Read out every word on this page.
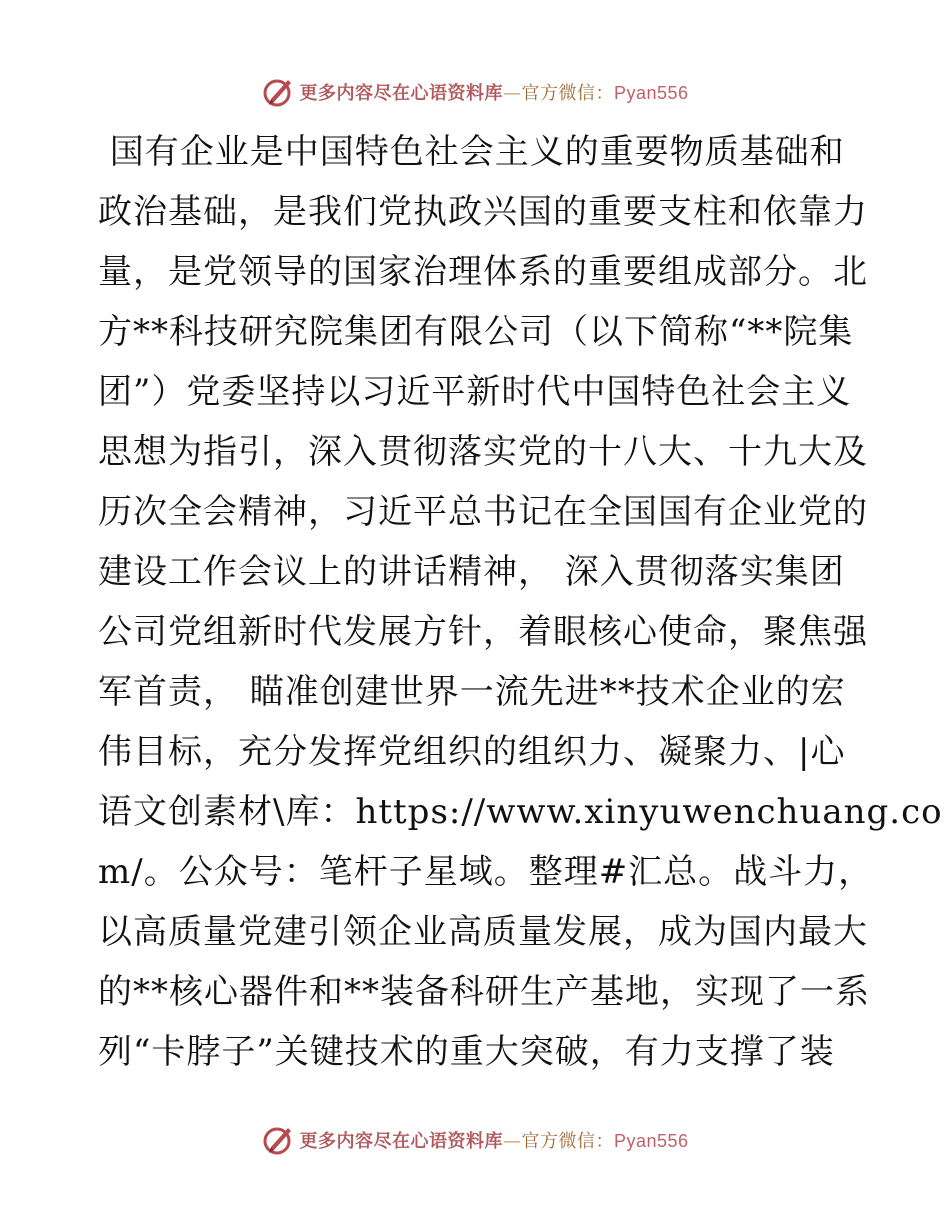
更多内容尽在心语资料库—官方微信：Pyan556
国有企业是中国特色社会主义的重要物质基础和
政治基础，是我们党执政兴国的重要支柱和依靠力
量，是党领导的国家治理体系的重要组成部分。北
方**科技研究院集团有限公司（以下简称“**院集
团”）党委坚持以习近平新时代中国特色社会主义
思想为指引，深入贯彻落实党的十八大、十九大及
历次全会精神，习近平总书记在全国国有企业党的
建设工作会议上的讲话精神， 深入贯彻落实集团
公司党组新时代发展方针，着眼核心使命，聚焦强
军首责， 瞄准创建世界一流先进**技术企业的宏
伟目标，充分发挥党组织的组织力、凝聚力、|心
语文创素材\库：https://www.xinyuwenchuang.co
m/。公众号：笔杆子星域。整理#汇总。战斗力，
以高质量党建引领企业高质量发展，成为国内最大
的**核心器件和**装备科研生产基地，实现了一系
列“卡脖子”关键技术的重大突破，有力支撑了装
更多内容尽在心语资料库—官方微信：Pyan556
